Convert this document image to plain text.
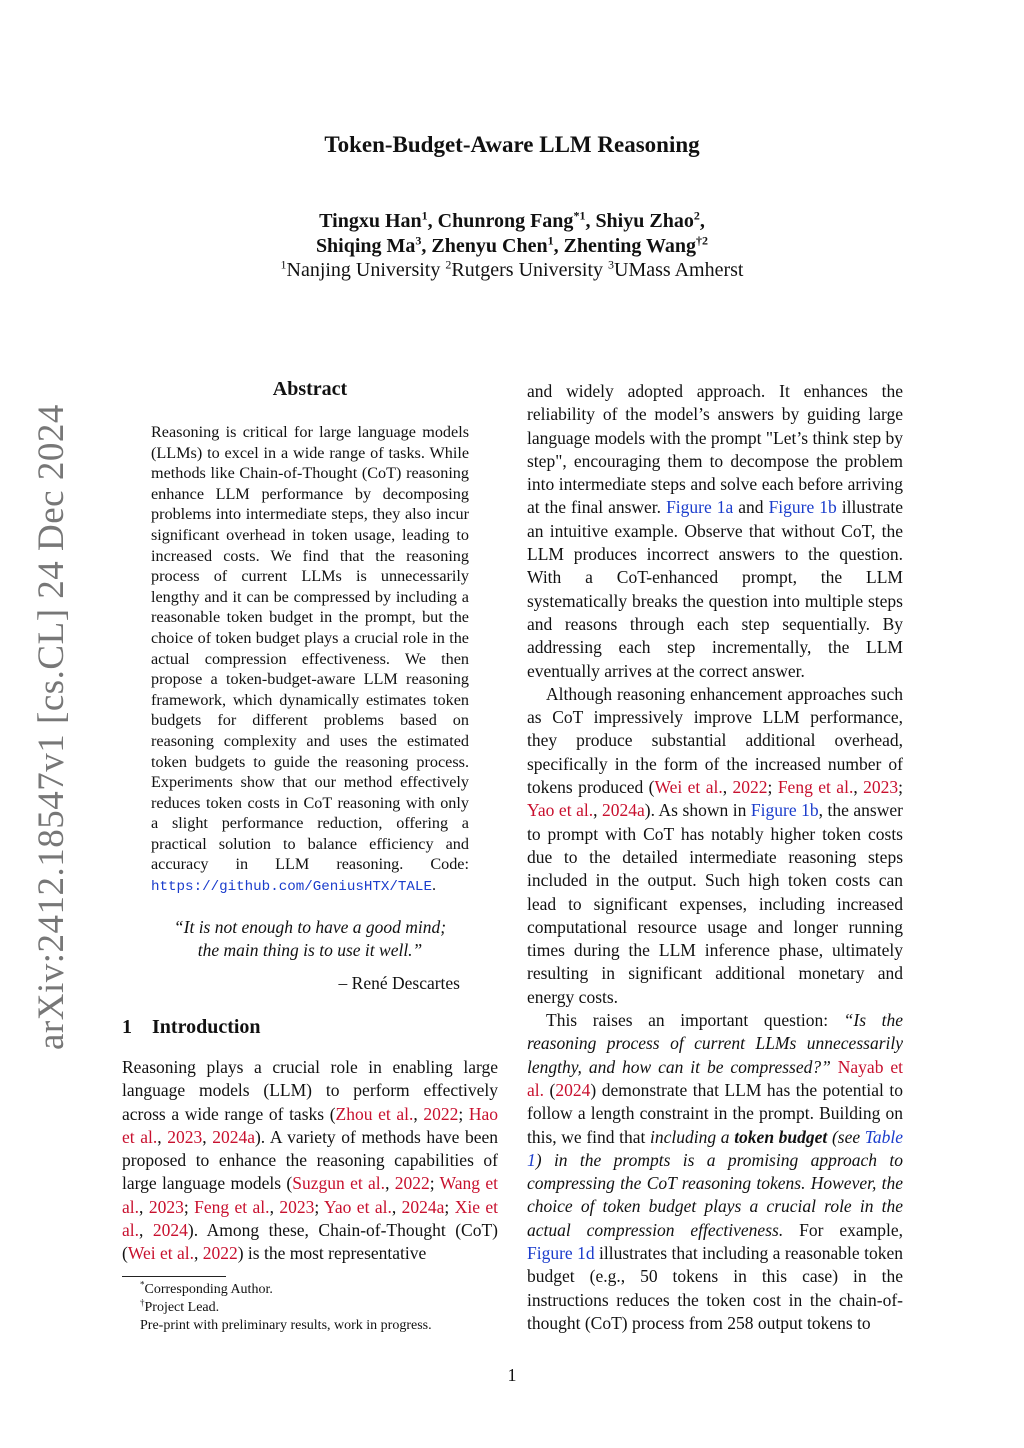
arXiv:2412.18547v1 [cs.CL] 24 Dec 2024
Token-Budget-Aware LLM Reasoning
Tingxu Han$^1$, Chunrong Fang$^{*1}$, Shiyu Zhao$^2$,
Shiqing Ma$^3$, Zhenyu Chen$^1$, Zhenting Wang$^{\dagger 2}$
$^1$Nanjing University $^2$Rutgers University $^3$UMass Amherst
Abstract
Reasoning is critical for large language models (LLMs) to excel in a wide range of tasks. While methods like Chain-of-Thought (CoT) reasoning enhance LLM performance by decomposing problems into intermediate steps, they also incur significant overhead in token usage, leading to increased costs. We find that the reasoning process of current LLMs is unnecessarily lengthy and it can be compressed by including a reasonable token budget in the prompt, but the choice of token budget plays a crucial role in the actual compression effectiveness. We then propose a token-budget-aware LLM reasoning framework, which dynamically estimates token budgets for different problems based on reasoning complexity and uses the estimated token budgets to guide the reasoning process. Experiments show that our method effectively reduces token costs in CoT reasoning with only a slight performance reduction, offering a practical solution to balance efficiency and accuracy in LLM reasoning. Code: https://github.com/GeniusHTX/TALE.
“It is not enough to have a good mind;
the main thing is to use it well.”
– René Descartes
1 Introduction

Reasoning plays a crucial role in enabling large language models (LLM) to perform effectively across a wide range of tasks (Zhou et al., 2022; Hao et al., 2023, 2024a). A variety of methods have been proposed to enhance the reasoning capabilities of large language models (Suzgun et al., 2022; Wang et al., 2023; Feng et al., 2023; Yao et al., 2024a; Xie et al., 2024). Among these, Chain-of-Thought (CoT) (Wei et al., 2022) is the most representative

and widely adopted approach. It enhances the reliability of the model’s answers by guiding large language models with the prompt "Let’s think step by step", encouraging them to decompose the problem into intermediate steps and solve each before arriving at the final answer. Figure 1a and Figure 1b illustrate an intuitive example. Observe that without CoT, the LLM produces incorrect answers to the question. With a CoT-enhanced prompt, the LLM systematically breaks the question into multiple steps and reasons through each step sequentially. By addressing each step incrementally, the LLM eventually arrives at the correct answer.

Although reasoning enhancement approaches such as CoT impressively improve LLM performance, they produce substantial additional overhead, specifically in the form of the increased number of tokens produced (Wei et al., 2022; Feng et al., 2023; Yao et al., 2024a). As shown in Figure 1b, the answer to prompt with CoT has notably higher token costs due to the detailed intermediate reasoning steps included in the output. Such high token costs can lead to significant expenses, including increased computational resource usage and longer running times during the LLM inference phase, ultimately resulting in significant additional monetary and energy costs.

This raises an important question: “Is the reasoning process of current LLMs unnecessarily lengthy, and how can it be compressed?” Nayab et al. (2024) demonstrate that LLM has the potential to follow a length constraint in the prompt. Building on this, we find that including a token budget (see Table 1) in the prompts is a promising approach to compressing the CoT reasoning tokens. However, the choice of token budget plays a crucial role in the actual compression effectiveness. For example, Figure 1d illustrates that including a reasonable token budget (e.g., 50 tokens in this case) in the instructions reduces the token cost in the chain-of-thought (CoT) process from 258 output tokens to

*Corresponding Author.
†Project Lead.
Pre-print with preliminary results, work in progress.
1
